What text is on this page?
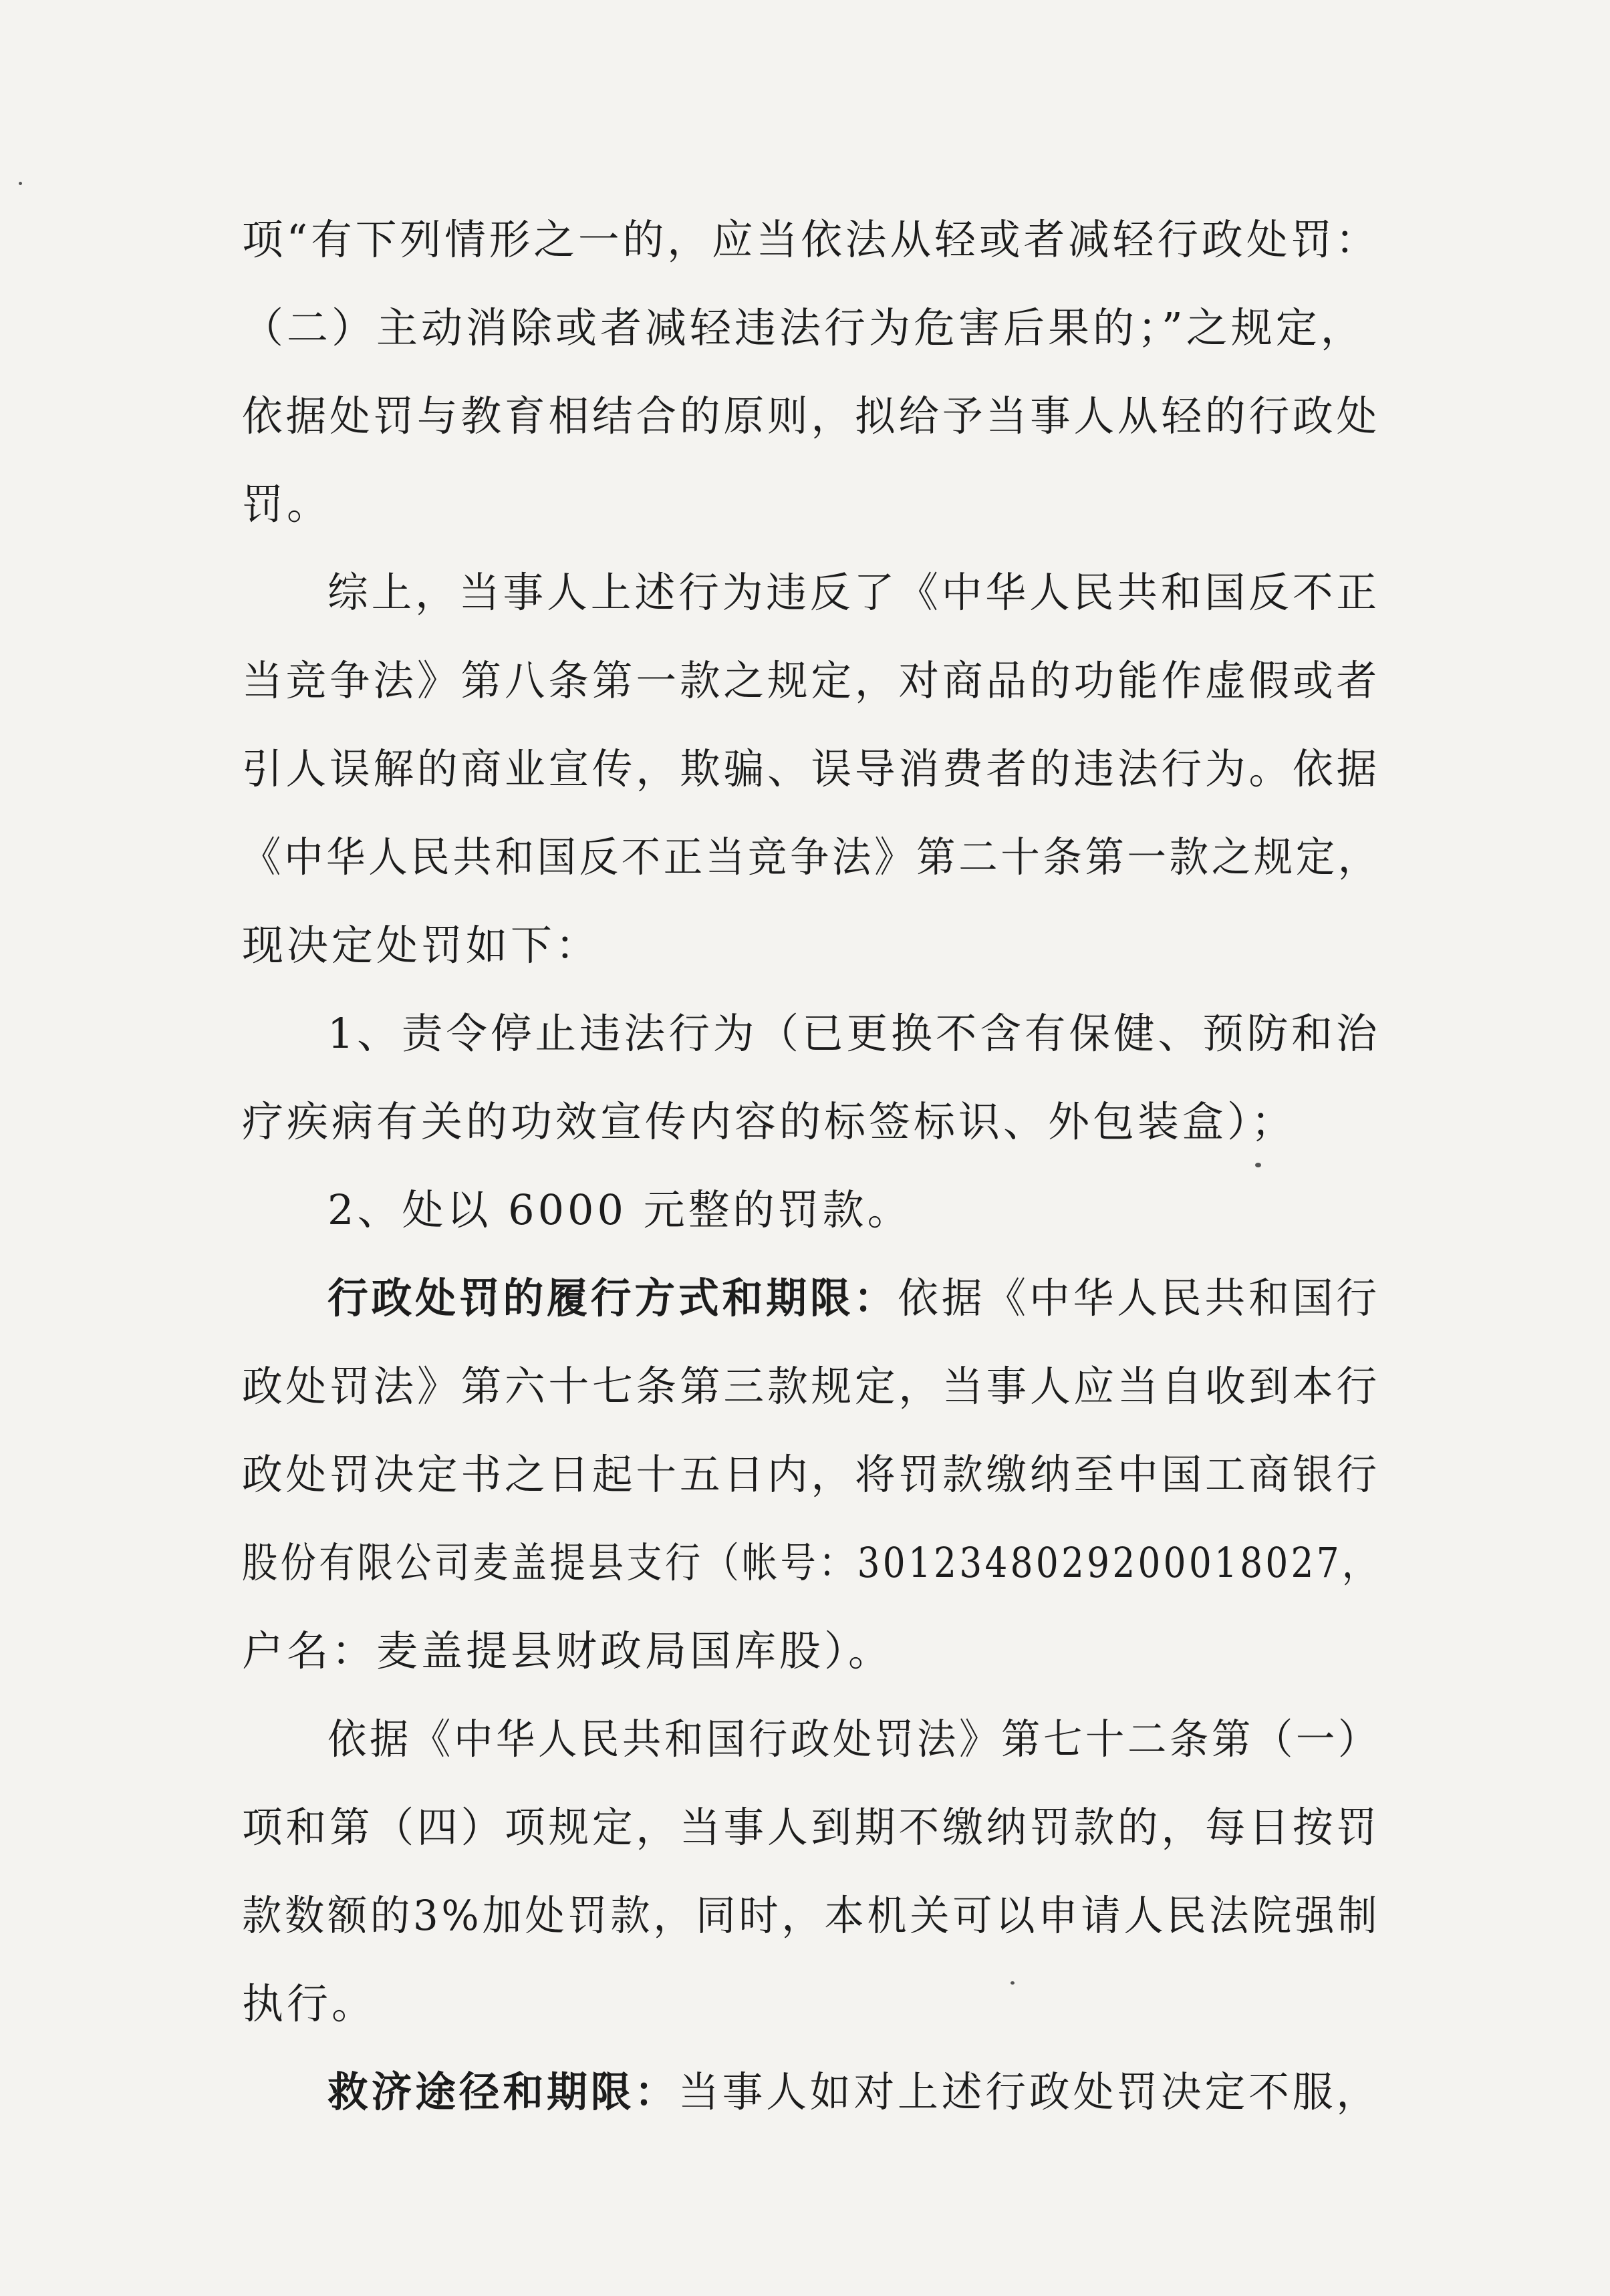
项“有下列情形之一的，应当依法从轻或者减轻行政处罚：
（二）主动消除或者减轻违法行为危害后果的；”之规定，
依据处罚与教育相结合的原则，拟给予当事人从轻的行政处
罚。
综上，当事人上述行为违反了《中华人民共和国反不正
当竞争法》第八条第一款之规定，对商品的功能作虚假或者
引人误解的商业宣传，欺骗、误导消费者的违法行为。依据
《中华人民共和国反不正当竞争法》第二十条第一款之规定，
现决定处罚如下：
1、责令停止违法行为（已更换不含有保健、预防和治
疗疾病有关的功效宣传内容的标签标识、外包装盒）；
2、处以 6000 元整的罚款。
行政处罚的履行方式和期限：依据《中华人民共和国行
政处罚法》第六十七条第三款规定，当事人应当自收到本行
政处罚决定书之日起十五日内，将罚款缴纳至中国工商银行
股份有限公司麦盖提县支行（帐号：3012348029200018027，
户名：麦盖提县财政局国库股）。
依据《中华人民共和国行政处罚法》第七十二条第（一）
项和第（四）项规定，当事人到期不缴纳罚款的，每日按罚
款数额的3%加处罚款，同时，本机关可以申请人民法院强制
执行。
救济途径和期限：当事人如对上述行政处罚决定不服，
